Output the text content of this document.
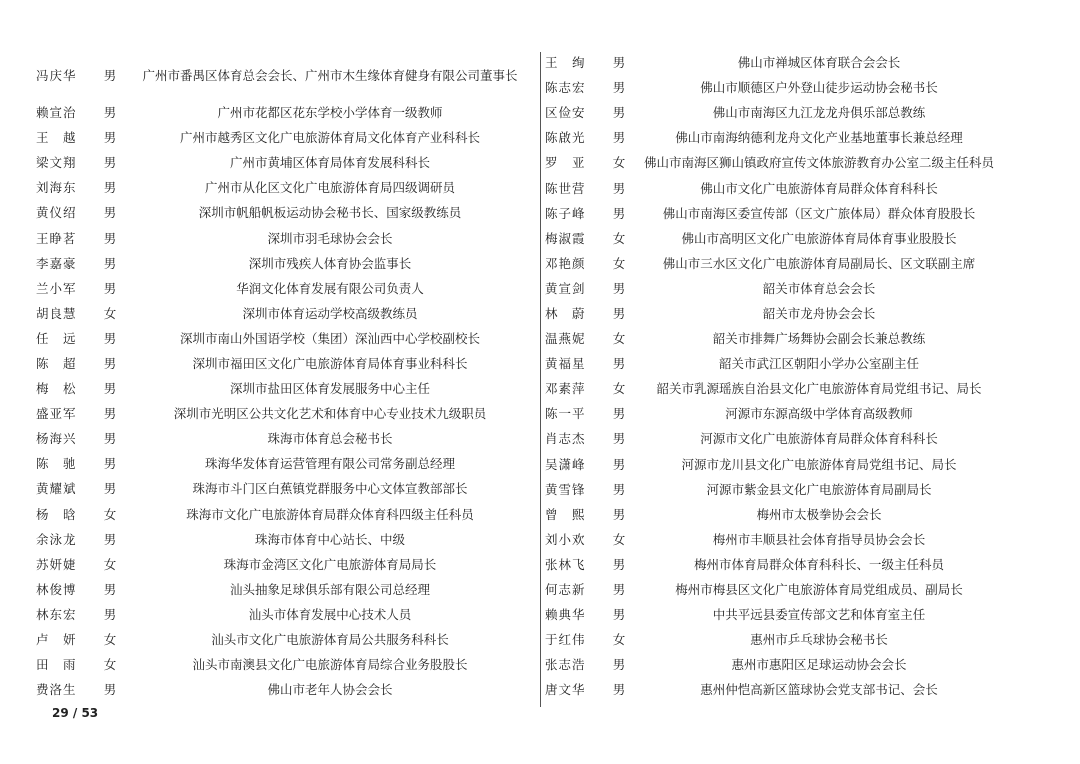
冯庆华	男	广州市番禺区体育总会会长、广州市木生缘体育健身有限公司董事长
赖宣治	男	广州市花都区花东学校小学体育一级教师
王　越	男	广州市越秀区文化广电旅游体育局文化体育产业科科长
梁文翔	男	广州市黄埔区体育局体育发展科科长
刘海东	男	广州市从化区文化广电旅游体育局四级调研员
黄仪绍	男	深圳市帆船帆板运动协会秘书长、国家级教练员
王睁茗	男	深圳市羽毛球协会会长
李嘉豪	男	深圳市残疾人体育协会监事长
兰小军	男	华润文化体育发展有限公司负责人
胡良慧	女	深圳市体育运动学校高级教练员
任　远	男	深圳市南山外国语学校（集团）深汕西中心学校副校长
陈　超	男	深圳市福田区文化广电旅游体育局体育事业科科长
梅　松	男	深圳市盐田区体育发展服务中心主任
盛亚军	男	深圳市光明区公共文化艺术和体育中心专业技术九级职员
杨海兴	男	珠海市体育总会秘书长
陈　驰	男	珠海华发体育运营管理有限公司常务副总经理
黄耀斌	男	珠海市斗门区白蕉镇党群服务中心文体宣教部部长
杨　晗	女	珠海市文化广电旅游体育局群众体育科四级主任科员
余泳龙	男	珠海市体育中心站长、中级
苏妍婕	女	珠海市金湾区文化广电旅游体育局局长
林俊博	男	汕头抽象足球俱乐部有限公司总经理
林东宏	男	汕头市体育发展中心技术人员
卢　妍	女	汕头市文化广电旅游体育局公共服务科科长
田　雨	女	汕头市南澳县文化广电旅游体育局综合业务股股长
费洛生	男	佛山市老年人协会会长
王　绚	男	佛山市禅城区体育联合会会长
陈志宏	男	佛山市顺德区户外登山徒步运动协会秘书长
区俭安	男	佛山市南海区九江龙龙舟俱乐部总教练
陈啟光	男	佛山市南海纳德利龙舟文化产业基地董事长兼总经理
罗　亚	女	佛山市南海区狮山镇政府宣传文体旅游教育办公室二级主任科员
陈世营	男	佛山市文化广电旅游体育局群众体育科科长
陈子峰	男	佛山市南海区委宣传部（区文广旅体局）群众体育股股长
梅淑霞	女	佛山市高明区文化广电旅游体育局体育事业股股长
邓艳颜	女	佛山市三水区文化广电旅游体育局副局长、区文联副主席
黄宣剑	男	韶关市体育总会会长
林　蔚	男	韶关市龙舟协会会长
温燕妮	女	韶关市排舞广场舞协会副会长兼总教练
黄福星	男	韶关市武江区朝阳小学办公室副主任
邓素萍	女	韶关市乳源瑶族自治县文化广电旅游体育局党组书记、局长
陈一平	男	河源市东源高级中学体育高级教师
肖志杰	男	河源市文化广电旅游体育局群众体育科科长
吴潇峰	男	河源市龙川县文化广电旅游体育局党组书记、局长
黄雪锋	男	河源市紫金县文化广电旅游体育局副局长
曾　熙	男	梅州市太极拳协会会长
刘小欢	女	梅州市丰顺县社会体育指导员协会会长
张林飞	男	梅州市体育局群众体育科科长、一级主任科员
何志新	男	梅州市梅县区文化广电旅游体育局党组成员、副局长
赖典华	男	中共平远县委宣传部文艺和体育室主任
于红伟	女	惠州市乒乓球协会秘书长
张志浩	男	惠州市惠阳区足球运动协会会长
唐文华	男	惠州仲恺高新区篮球协会党支部书记、会长
29 / 53
